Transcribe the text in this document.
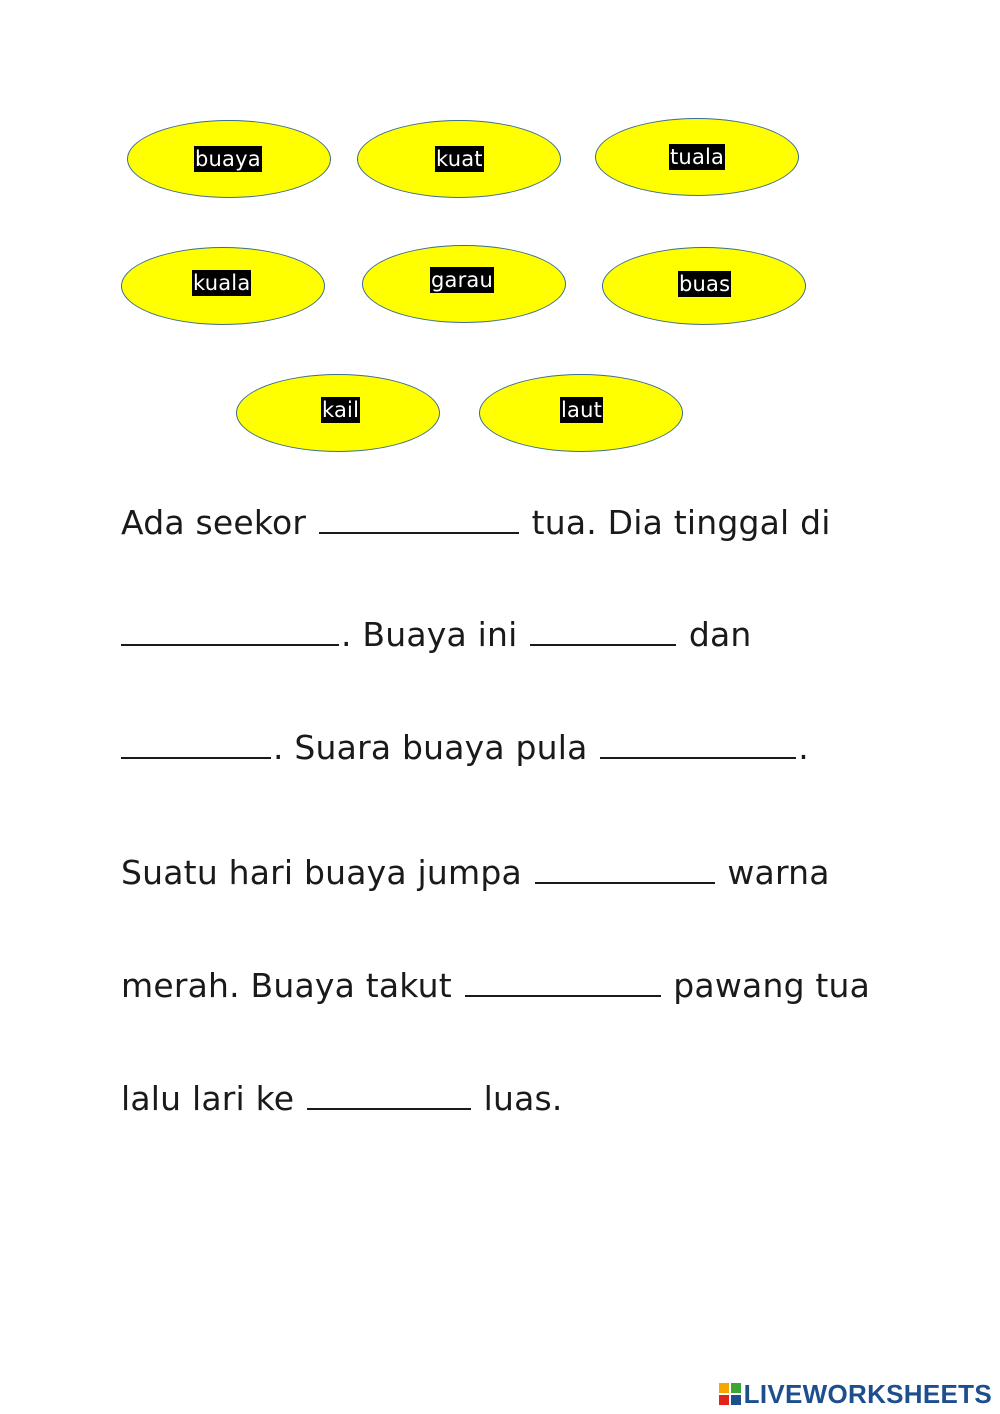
buaya	kuat	tuala
kuala	garau	buas
kail	laut

Ada seekor	tua. Dia tinggal di

. Buaya ini	dan

. Suara buaya pula	.

Suatu hari buaya jumpa	warna

merah. Buaya takut	pawang tua

lalu lari ke	luas.

LIVEWORKSHEETS
